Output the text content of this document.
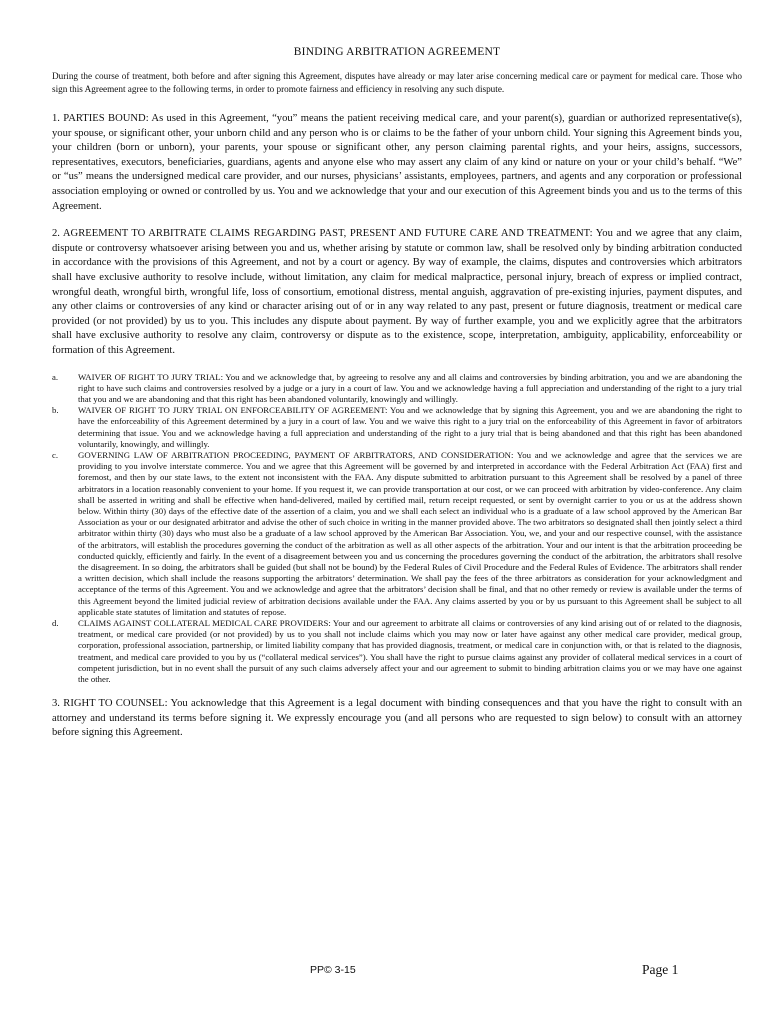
BINDING ARBITRATION AGREEMENT

During the course of treatment, both before and after signing this Agreement, disputes have already or may later arise concerning medical care or payment for medical care. Those who sign this Agreement agree to the following terms, in order to promote fairness and efficiency in resolving any such dispute.

1. PARTIES BOUND: As used in this Agreement, “you” means the patient receiving medical care, and your parent(s), guardian or authorized representative(s), your spouse, or significant other, your unborn child and any person who is or claims to be the father of your unborn child. Your signing this Agreement binds you, your children (born or unborn), your parents, your spouse or significant other, any person claiming parental rights, and your heirs, assigns, successors, representatives, executors, beneficiaries, guardians, agents and anyone else who may assert any claim of any kind or nature on your or your child’s behalf. “We” or “us” means the undersigned medical care provider, and our nurses, physicians’ assistants, employees, partners, and agents and any corporation or professional association employing or owned or controlled by us. You and we acknowledge that your and our execution of this Agreement binds you and us to the terms of this Agreement.

2. AGREEMENT TO ARBITRATE CLAIMS REGARDING PAST, PRESENT AND FUTURE CARE AND TREATMENT: You and we agree that any claim, dispute or controversy whatsoever arising between you and us, whether arising by statute or common law, shall be resolved only by binding arbitration conducted in accordance with the provisions of this Agreement, and not by a court or agency. By way of example, the claims, disputes and controversies which arbitrators shall have exclusive authority to resolve include, without limitation, any claim for medical malpractice, personal injury, breach of express or implied contract, wrongful death, wrongful birth, wrongful life, loss of consortium, emotional distress, mental anguish, aggravation of pre-existing injuries, payment disputes, and any other claims or controversies of any kind or character arising out of or in any way related to any past, present or future diagnosis, treatment or medical care provided (or not provided) by us to you. This includes any dispute about payment. By way of further example, you and we explicitly agree that the arbitrators shall have exclusive authority to resolve any claim, controversy or dispute as to the existence, scope, interpretation, ambiguity, applicability, enforceability or formation of this Agreement.

a.	WAIVER OF RIGHT TO JURY TRIAL: You and we acknowledge that, by agreeing to resolve any and all claims and controversies by binding arbitration, you and we are abandoning the right to have such claims and controversies resolved by a judge or a jury in a court of law. You and we acknowledge having a full appreciation and understanding of the right to a jury trial that you and we are abandoning and that this right has been abandoned voluntarily, knowingly and willingly.
b.	WAIVER OF RIGHT TO JURY TRIAL ON ENFORCEABILITY OF AGREEMENT: You and we acknowledge that by signing this Agreement, you and we are abandoning the right to have the enforceability of this Agreement determined by a jury in a court of law. You and we waive this right to a jury trial on the enforceability of this Agreement in favor of arbitrators determining that issue. You and we acknowledge having a full appreciation and understanding of the right to a jury trial that is being abandoned and that this right has been abandoned voluntarily, knowingly, and willingly.
c.	GOVERNING LAW OF ARBITRATION PROCEEDING, PAYMENT OF ARBITRATORS, AND CONSIDERATION: You and we acknowledge and agree that the services we are providing to you involve interstate commerce. You and we agree that this Agreement will be governed by and interpreted in accordance with the Federal Arbitration Act (FAA) first and foremost, and then by our state laws, to the extent not inconsistent with the FAA. Any dispute submitted to arbitration pursuant to this Agreement shall be resolved by a panel of three arbitrators in a location reasonably convenient to your home. If you request it, we can provide transportation at our cost, or we can proceed with arbitration by video-conference. Any claim shall be asserted in writing and shall be effective when hand-delivered, mailed by certified mail, return receipt requested, or sent by overnight carrier to you or us at the address shown below. Within thirty (30) days of the effective date of the assertion of a claim, you and we shall each select an individual who is a graduate of a law school approved by the American Bar Association as your or our designated arbitrator and advise the other of such choice in writing in the manner provided above. The two arbitrators so designated shall then jointly select a third arbitrator within thirty (30) days who must also be a graduate of a law school approved by the American Bar Association. You, we, and your and our respective counsel, with the assistance of the arbitrators, will establish the procedures governing the conduct of the arbitration as well as all other aspects of the arbitration. Your and our intent is that the arbitration proceeding be conducted quickly, efficiently and fairly. In the event of a disagreement between you and us concerning the procedures governing the conduct of the arbitration, the arbitrators shall resolve the disagreement. In so doing, the arbitrators shall be guided (but shall not be bound) by the Federal Rules of Civil Procedure and the Federal Rules of Evidence. The arbitrators shall render a written decision, which shall include the reasons supporting the arbitrators’ determination. We shall pay the fees of the three arbitrators as consideration for your acknowledgment and acceptance of the terms of this Agreement. You and we acknowledge and agree that the arbitrators’ decision shall be final, and that no other remedy or review is available under the terms of this Agreement beyond the limited judicial review of arbitration decisions available under the FAA. Any claims asserted by you or by us pursuant to this Agreement shall be subject to all applicable state statutes of limitation and statutes of repose.
d.	CLAIMS AGAINST COLLATERAL MEDICAL CARE PROVIDERS: Your and our agreement to arbitrate all claims or controversies of any kind arising out of or related to the diagnosis, treatment, or medical care provided (or not provided) by us to you shall not include claims which you may now or later have against any other medical care provider, medical group, corporation, professional association, partnership, or limited liability company that has provided diagnosis, treatment, or medical care in conjunction with, or that is related to the diagnosis, treatment, and medical care provided to you by us (“collateral medical services”). You shall have the right to pursue claims against any provider of collateral medical services in a court of competent jurisdiction, but in no event shall the pursuit of any such claims adversely affect your and our agreement to submit to binding arbitration claims you or we may have one against the other.

3. RIGHT TO COUNSEL: You acknowledge that this Agreement is a legal document with binding consequences and that you have the right to consult with an attorney and understand its terms before signing it. We expressly encourage you (and all persons who are requested to sign below) to consult with an attorney before signing this Agreement.

PP© 3-15	Page 1
